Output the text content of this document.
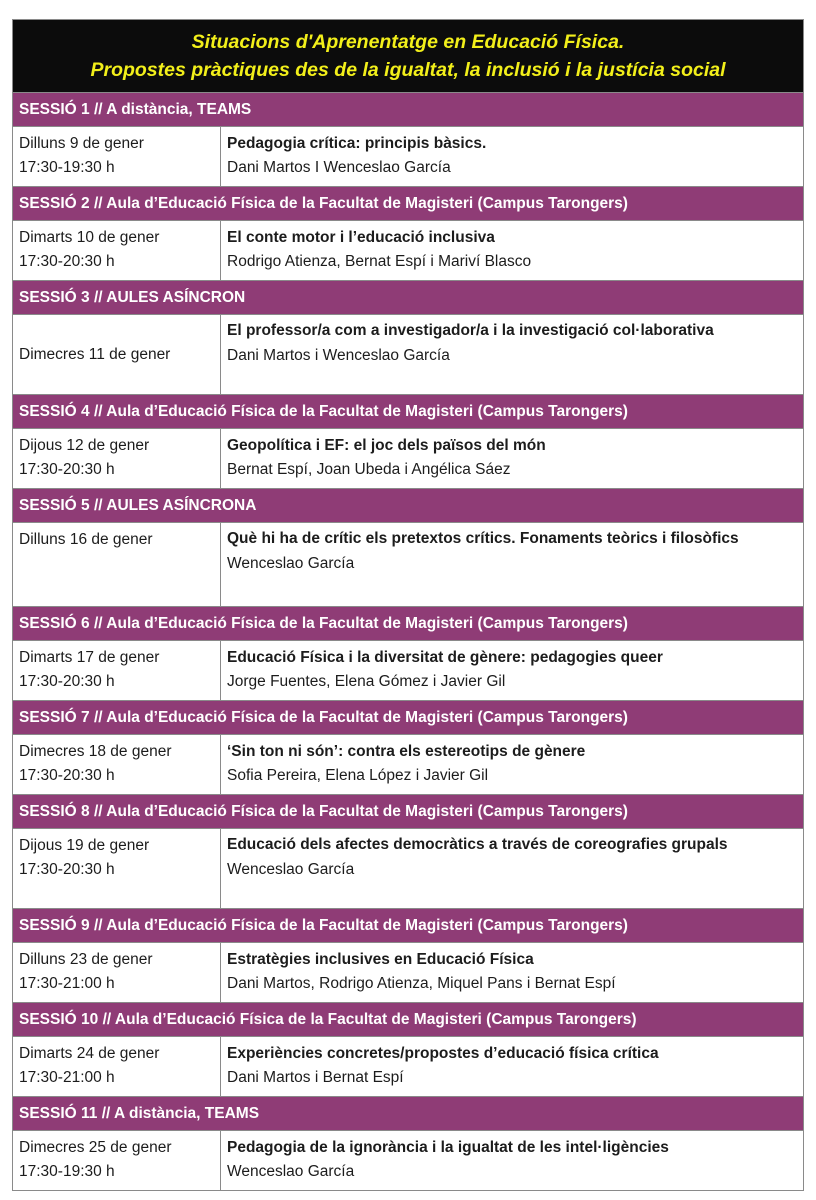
Situacions d'Aprenentatge en Educació Física.
Propostes pràctiques des de la igualtat, la inclusió i la justícia social
SESSIÓ 1 // A distància, TEAMS
Dilluns 9 de gener
17:30-19:30 h
Pedagogia crítica: principis bàsics.
Dani Martos I Wenceslao García
SESSIÓ 2 // Aula d’Educació Física de la Facultat de Magisteri (Campus Tarongers)
Dimarts 10 de gener
17:30-20:30 h
El conte motor i l’educació inclusiva
Rodrigo Atienza, Bernat Espí i Mariví Blasco
SESSIÓ 3 // AULES ASÍNCRON
Dimecres 11 de gener
El professor/a com a investigador/a i la investigació col·laborativa
Dani Martos i Wenceslao García
SESSIÓ 4 // Aula d’Educació Física de la Facultat de Magisteri (Campus Tarongers)
Dijous 12 de gener
17:30-20:30 h
Geopolítica i EF: el joc dels països del món
Bernat Espí, Joan Ubeda i Angélica Sáez
SESSIÓ 5 // AULES ASÍNCRONA
Dilluns 16 de gener	Què hi ha de crític els pretextos crítics. Fonaments teòrics i filosòfics
Wenceslao García
SESSIÓ 6 // Aula d’Educació Física de la Facultat de Magisteri (Campus Tarongers)
Dimarts 17 de gener
17:30-20:30 h
Educació Física i la diversitat de gènere: pedagogies queer
Jorge Fuentes, Elena Gómez i Javier Gil
SESSIÓ 7 // Aula d’Educació Física de la Facultat de Magisteri (Campus Tarongers)
Dimecres 18 de gener
17:30-20:30 h
‘Sin ton ni són’: contra els estereotips de gènere
Sofia Pereira, Elena López i Javier Gil
SESSIÓ 8 // Aula d’Educació Física de la Facultat de Magisteri (Campus Tarongers)
Dijous 19 de gener
17:30-20:30 h
Educació dels afectes democràtics a través de coreografies grupals
Wenceslao García
SESSIÓ 9 // Aula d’Educació Física de la Facultat de Magisteri (Campus Tarongers)
Dilluns 23 de gener
17:30-21:00 h
Estratègies inclusives en Educació Física
Dani Martos, Rodrigo Atienza, Miquel Pans i Bernat Espí
SESSIÓ 10 // Aula d’Educació Física de la Facultat de Magisteri (Campus Tarongers)
Dimarts 24 de gener
17:30-21:00 h
Experiències concretes/propostes d’educació física crítica
Dani Martos i Bernat Espí
SESSIÓ 11 // A distància, TEAMS
Dimecres 25 de gener
17:30-19:30 h
Pedagogia de la ignorància i la igualtat de les intel·ligències
Wenceslao García
